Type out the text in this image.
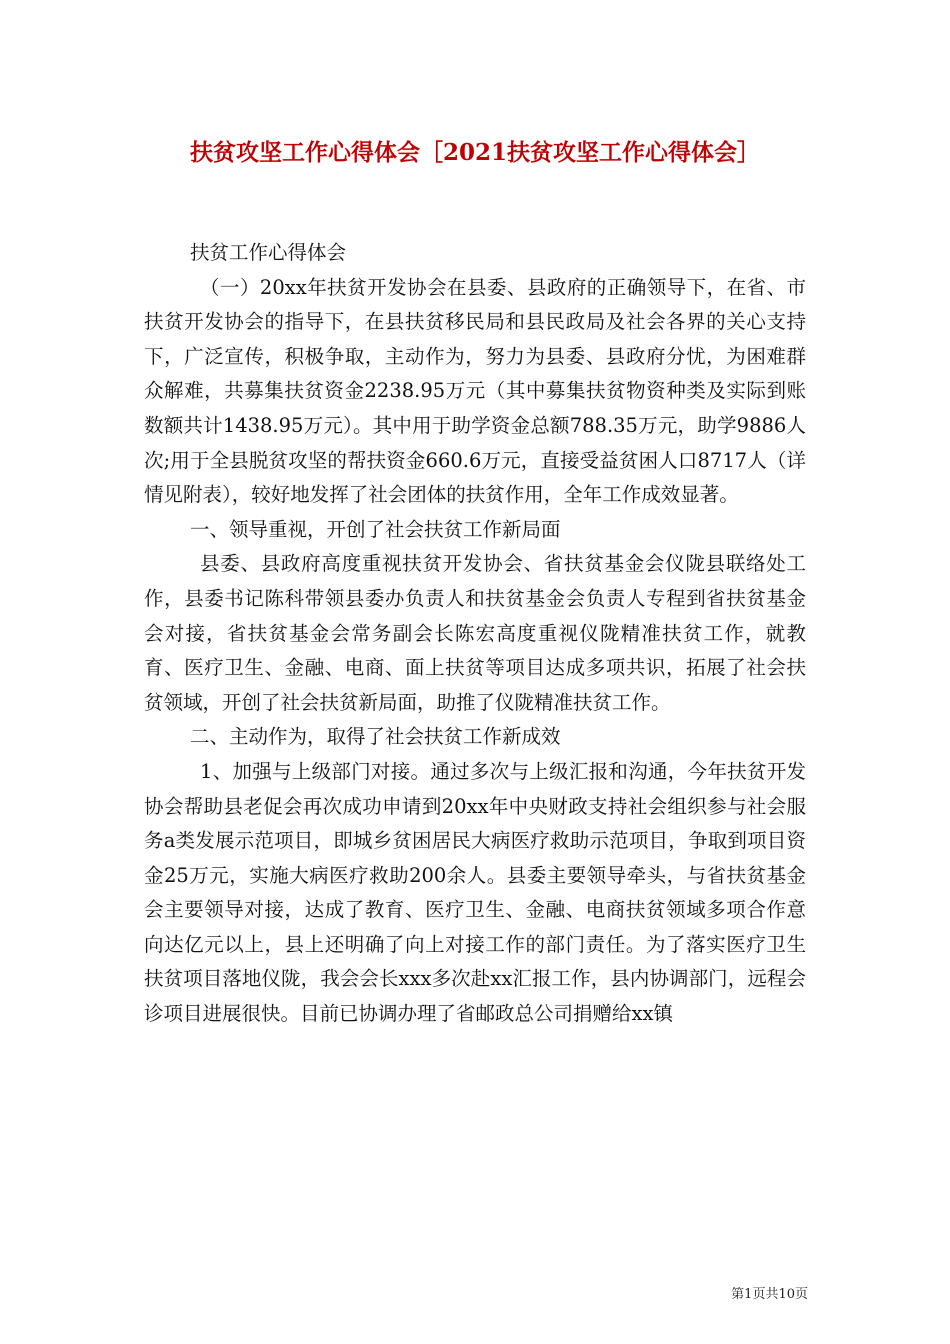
扶贫攻坚工作心得体会［2021扶贫攻坚工作心得体会］

扶贫工作心得体会

（一）20xx年扶贫开发协会在县委、县政府的正确领导下，在省、市扶贫开发协会的指导下，在县扶贫移民局和县民政局及社会各界的关心支持下，广泛宣传，积极争取，主动作为，努力为县委、县政府分忧，为困难群众解难，共募集扶贫资金2238.95万元（其中募集扶贫物资种类及实际到账数额共计1438.95万元）。其中用于助学资金总额788.35万元，助学9886人次;用于全县脱贫攻坚的帮扶资金660.6万元，直接受益贫困人口8717人（详情见附表），较好地发挥了社会团体的扶贫作用，全年工作成效显著。

一、领导重视，开创了社会扶贫工作新局面

县委、县政府高度重视扶贫开发协会、省扶贫基金会仪陇县联络处工作，县委书记陈科带领县委办负责人和扶贫基金会负责人专程到省扶贫基金会对接，省扶贫基金会常务副会长陈宏高度重视仪陇精准扶贫工作，就教育、医疗卫生、金融、电商、面上扶贫等项目达成多项共识，拓展了社会扶贫领域，开创了社会扶贫新局面，助推了仪陇精准扶贫工作。

二、主动作为，取得了社会扶贫工作新成效

1、加强与上级部门对接。通过多次与上级汇报和沟通，今年扶贫开发协会帮助县老促会再次成功申请到20xx年中央财政支持社会组织参与社会服务a类发展示范项目，即城乡贫困居民大病医疗救助示范项目，争取到项目资金25万元，实施大病医疗救助200余人。县委主要领导牵头，与省扶贫基金会主要领导对接，达成了教育、医疗卫生、金融、电商扶贫领域多项合作意向达亿元以上，县上还明确了向上对接工作的部门责任。为了落实医疗卫生扶贫项目落地仪陇，我会会长xxx多次赴xx汇报工作，县内协调部门，远程会诊项目进展很快。目前已协调办理了省邮政总公司捐赠给xx镇

第1页共10页
